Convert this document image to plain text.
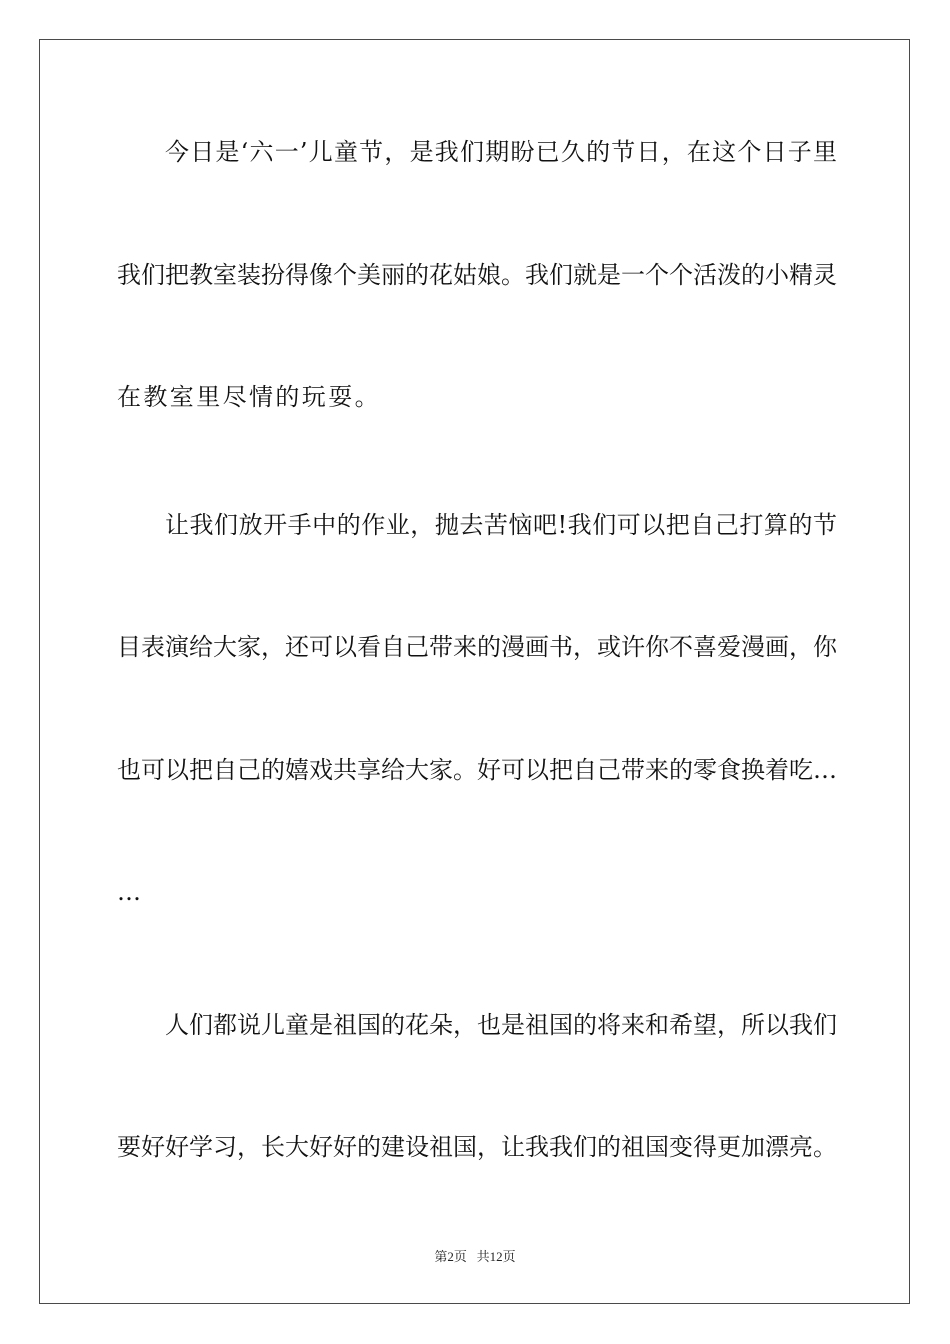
今日是‘六一’儿童节，是我们期盼已久的节日，在这个日子里
我们把教室装扮得像个美丽的花姑娘。我们就是一个个活泼的小精灵
在教室里尽情的玩耍。
让我们放开手中的作业，抛去苦恼吧!我们可以把自己打算的节
目表演给大家，还可以看自己带来的漫画书，或许你不喜爱漫画，你
也可以把自己的嬉戏共享给大家。好可以把自己带来的零食换着吃…
…
人们都说儿童是祖国的花朵，也是祖国的将来和希望，所以我们
要好好学习，长大好好的建设祖国，让我我们的祖国变得更加漂亮。
第2页 共12页
